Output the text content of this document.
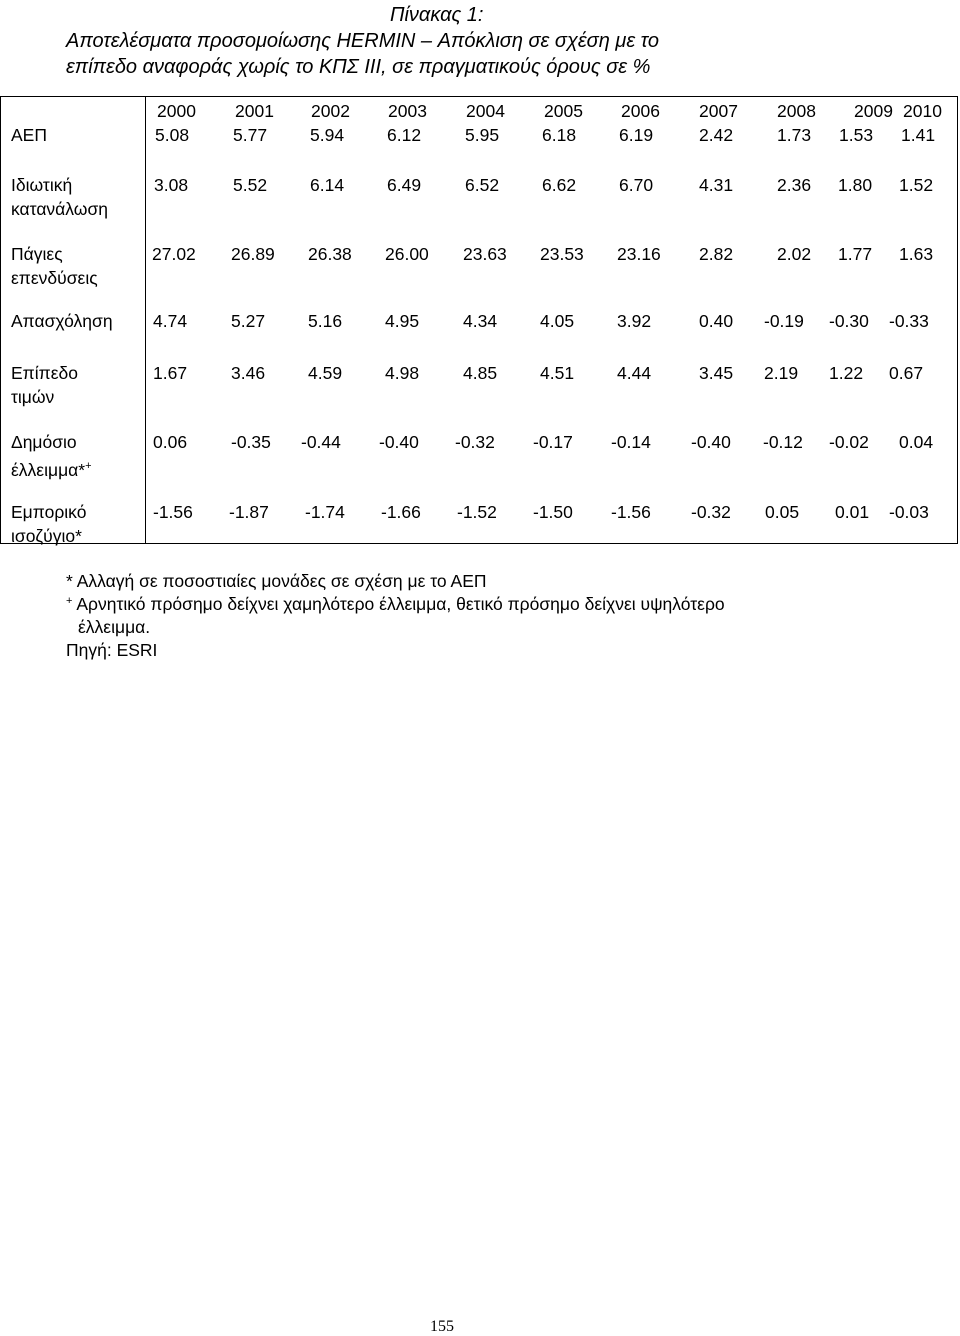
Πίνακας 1:
Αποτελέσματα προσομοίωσης HERMIN – Απόκλιση σε σχέση με το
επίπεδο αναφοράς χωρίς το ΚΠΣ ΙΙΙ, σε πραγματικούς όρους σε %
2000 2001 2002 2003 2004 2005 2006 2007 2008 2009 2010
ΑΕΠ	5.08	5.77 5.94 6.12	5.95 6.18 6.19	2.42	1.73 1.53 1.41
Ιδιωτική
κατανάλωση
3.08	5.52 6.14 6.49	6.52 6.62 6.70	4.31	2.36 1.80 1.52
Πάγιες
επενδύσεις
27.02 26.89 26.38 26.00 23.63 23.53 23.16 2.82	2.02 1.77 1.63
Απασχόληση 4.74	5.27 5.16 4.95	4.34 4.05 3.92	0.40 -0.19 -0.30 -0.33
Επίπεδο
τιμών
1.67	3.46 4.59 4.98	4.85 4.51 4.44	3.45 2.19 1.22 0.67
Δημόσιο
έλλειμμα*+
0.06	-0.35 -0.44 -0.40 -0.32 -0.17 -0.14 -0.40 -0.12 -0.02 0.04
Εμπορικό
ισοζύγιο*
-1.56 -1.87 -1.74 -1.66 -1.52 -1.50 -1.56 -0.32 0.05 0.01 -0.03
* Αλλαγή σε ποσοστιαίες μονάδες σε σχέση με το ΑΕΠ
+ Αρνητικό πρόσημο δείχνει χαμηλότερο έλλειμμα, θετικό πρόσημο δείχνει υψηλότερο
έλλειμμα.
Πηγή: ESRI
155
